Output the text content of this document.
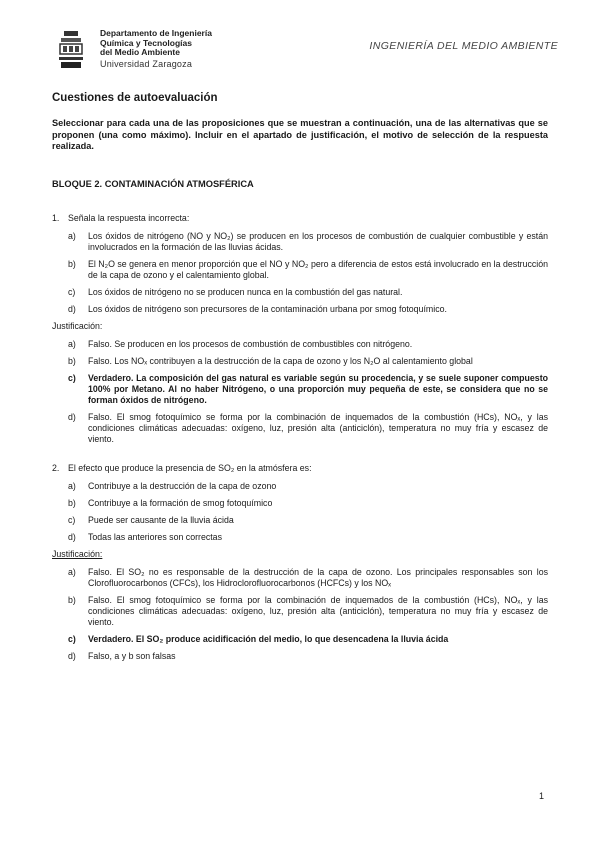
Departamento de Ingeniería
Química y Tecnologías
del Medio Ambiente
Universidad Zaragoza
INGENIERÍA DEL MEDIO AMBIENTE
Cuestiones de autoevaluación
Seleccionar para cada una de las proposiciones que se muestran a continuación, una de las alternativas que se proponen (una como máximo). Incluir en el apartado de justificación, el motivo de selección de la respuesta realizada.
BLOQUE 2. CONTAMINACIÓN ATMOSFÉRICA
1. Señala la respuesta incorrecta:
a)	Los óxidos de nitrógeno (NO y NO₂) se producen en los procesos de combustión de cualquier combustible y están involucrados en la formación de las lluvias ácidas.
b)	El N₂O se genera en menor proporción que el NO y NO₂ pero a diferencia de estos está involucrado en la destrucción de la capa de ozono y el calentamiento global.
c)	Los óxidos de nitrógeno no se producen nunca en la combustión del gas natural.
d)	Los óxidos de nitrógeno son precursores de la contaminación urbana por smog fotoquímico.
Justificación:
a)	Falso. Se producen en los procesos de combustión de combustibles con nitrógeno.
b)	Falso. Los NOₓ contribuyen a la destrucción de la capa de ozono y los N₂O al calentamiento global
c)	Verdadero. La composición del gas natural es variable según su procedencia, y se suele suponer compuesto 100% por Metano. Al no haber Nitrógeno, o una proporción muy pequeña de este, se considera que no se forman óxidos de nitrógeno.
d)	Falso. El smog fotoquímico se forma por la combinación de inquemados de la combustión (HCs), NOₓ, y las condiciones climáticas adecuadas: oxígeno, luz, presión alta (anticiclón), temperatura no muy fría y escasez de viento.
2. El efecto que produce la presencia de SO₂ en la atmósfera es:
a)	Contribuye a la destrucción de la capa de ozono
b)	Contribuye a la formación de smog fotoquímico
c)	Puede ser causante de la lluvia ácida
d)	Todas las anteriores son correctas
Justificación:
a)	Falso. El SO₂ no es responsable de la destrucción de la capa de ozono. Los principales responsables son los Clorofluorocarbonos (CFCs), los Hidroclorofluorocarbonos (HCFCs) y los NOₓ
b)	Falso. El smog fotoquímico se forma por la combinación de inquemados de la combustión (HCs), NOₓ, y las condiciones climáticas adecuadas: oxígeno, luz, presión alta (anticiclón), temperatura no muy fría y escasez de viento.
c)	Verdadero. El SO₂ produce acidificación del medio, lo que desencadena la lluvia ácida
d)	Falso, a y b son falsas
1
